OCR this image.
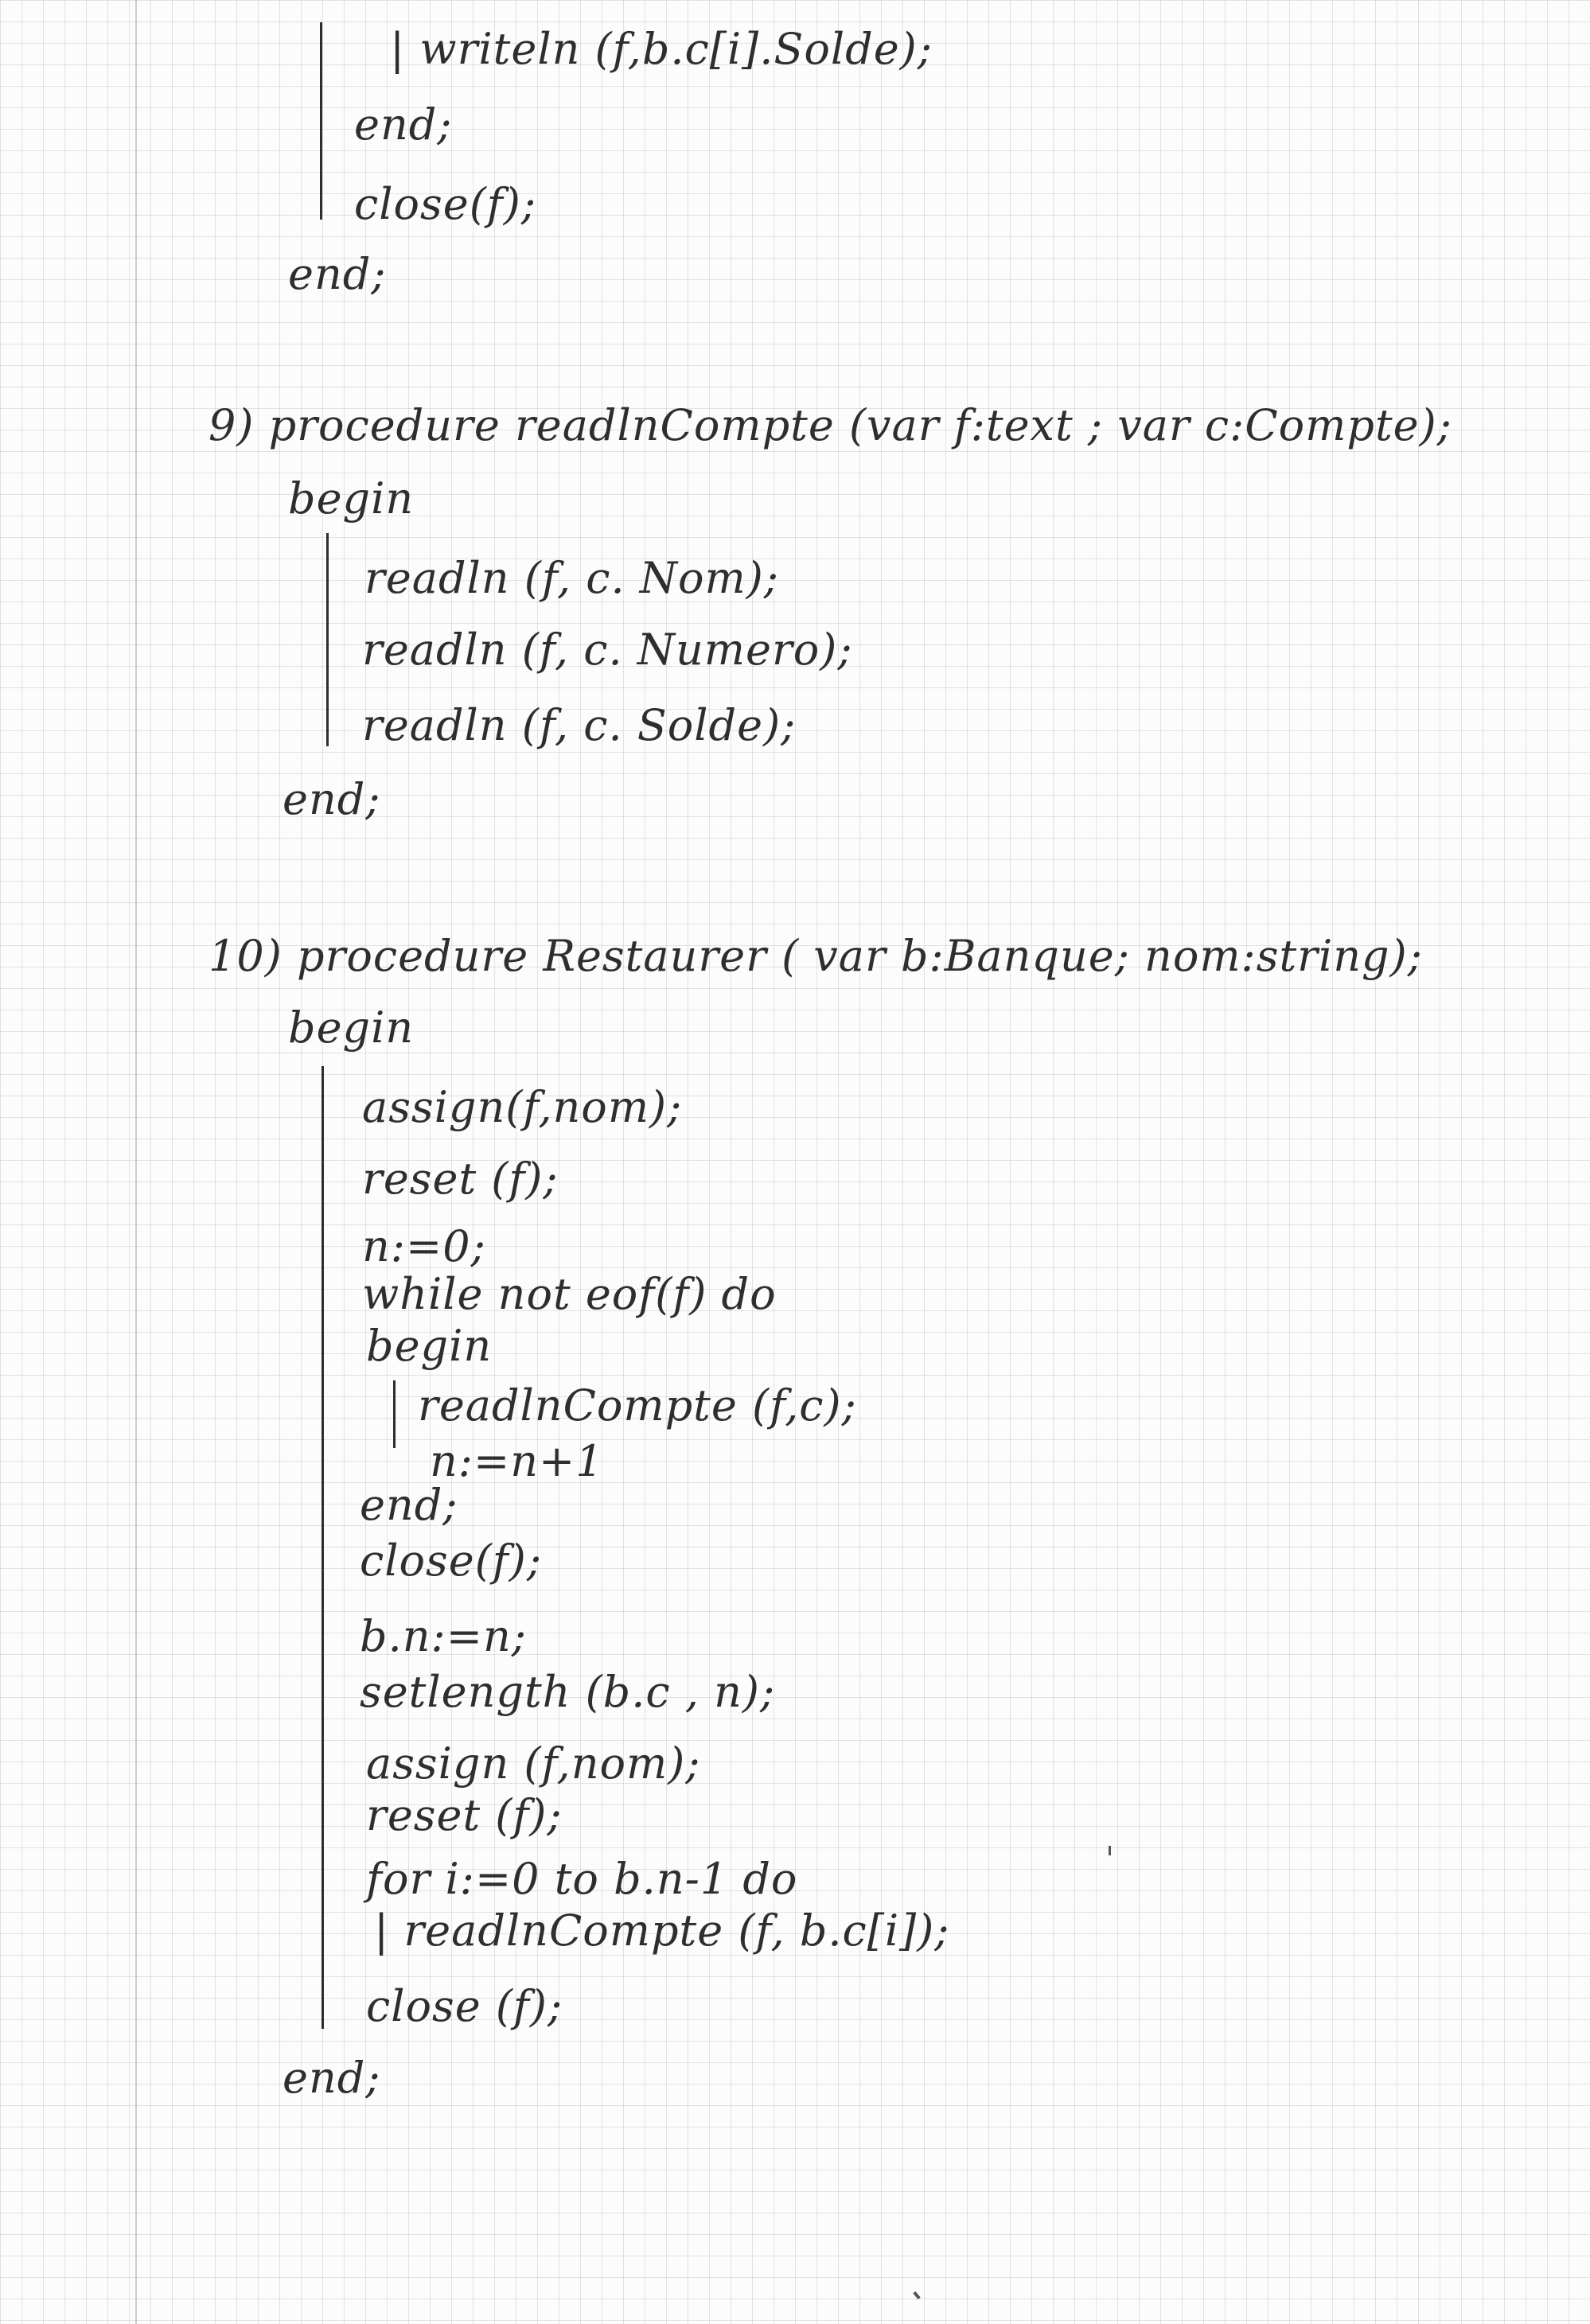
| writeln (f,b.c[i].Solde);
end;
close(f);
end;
9) procedure readlnCompte (var f:text ; var c:Compte);
begin
readln (f, c. Nom);
readln (f, c. Numero);
readln (f, c. Solde);
end;
10) procedure Restaurer ( var b:Banque; nom:string);
begin
assign(f,nom);
reset (f);
n:=0;
while not eof(f) do
begin
readlnCompte (f,c);
n:=n+1
end;
close(f);
b.n:=n;
setlength (b.c , n);
assign (f,nom);
reset (f);
for i:=0 to b.n-1 do
| readlnCompte (f, b.c[i]);
close (f);
end;
